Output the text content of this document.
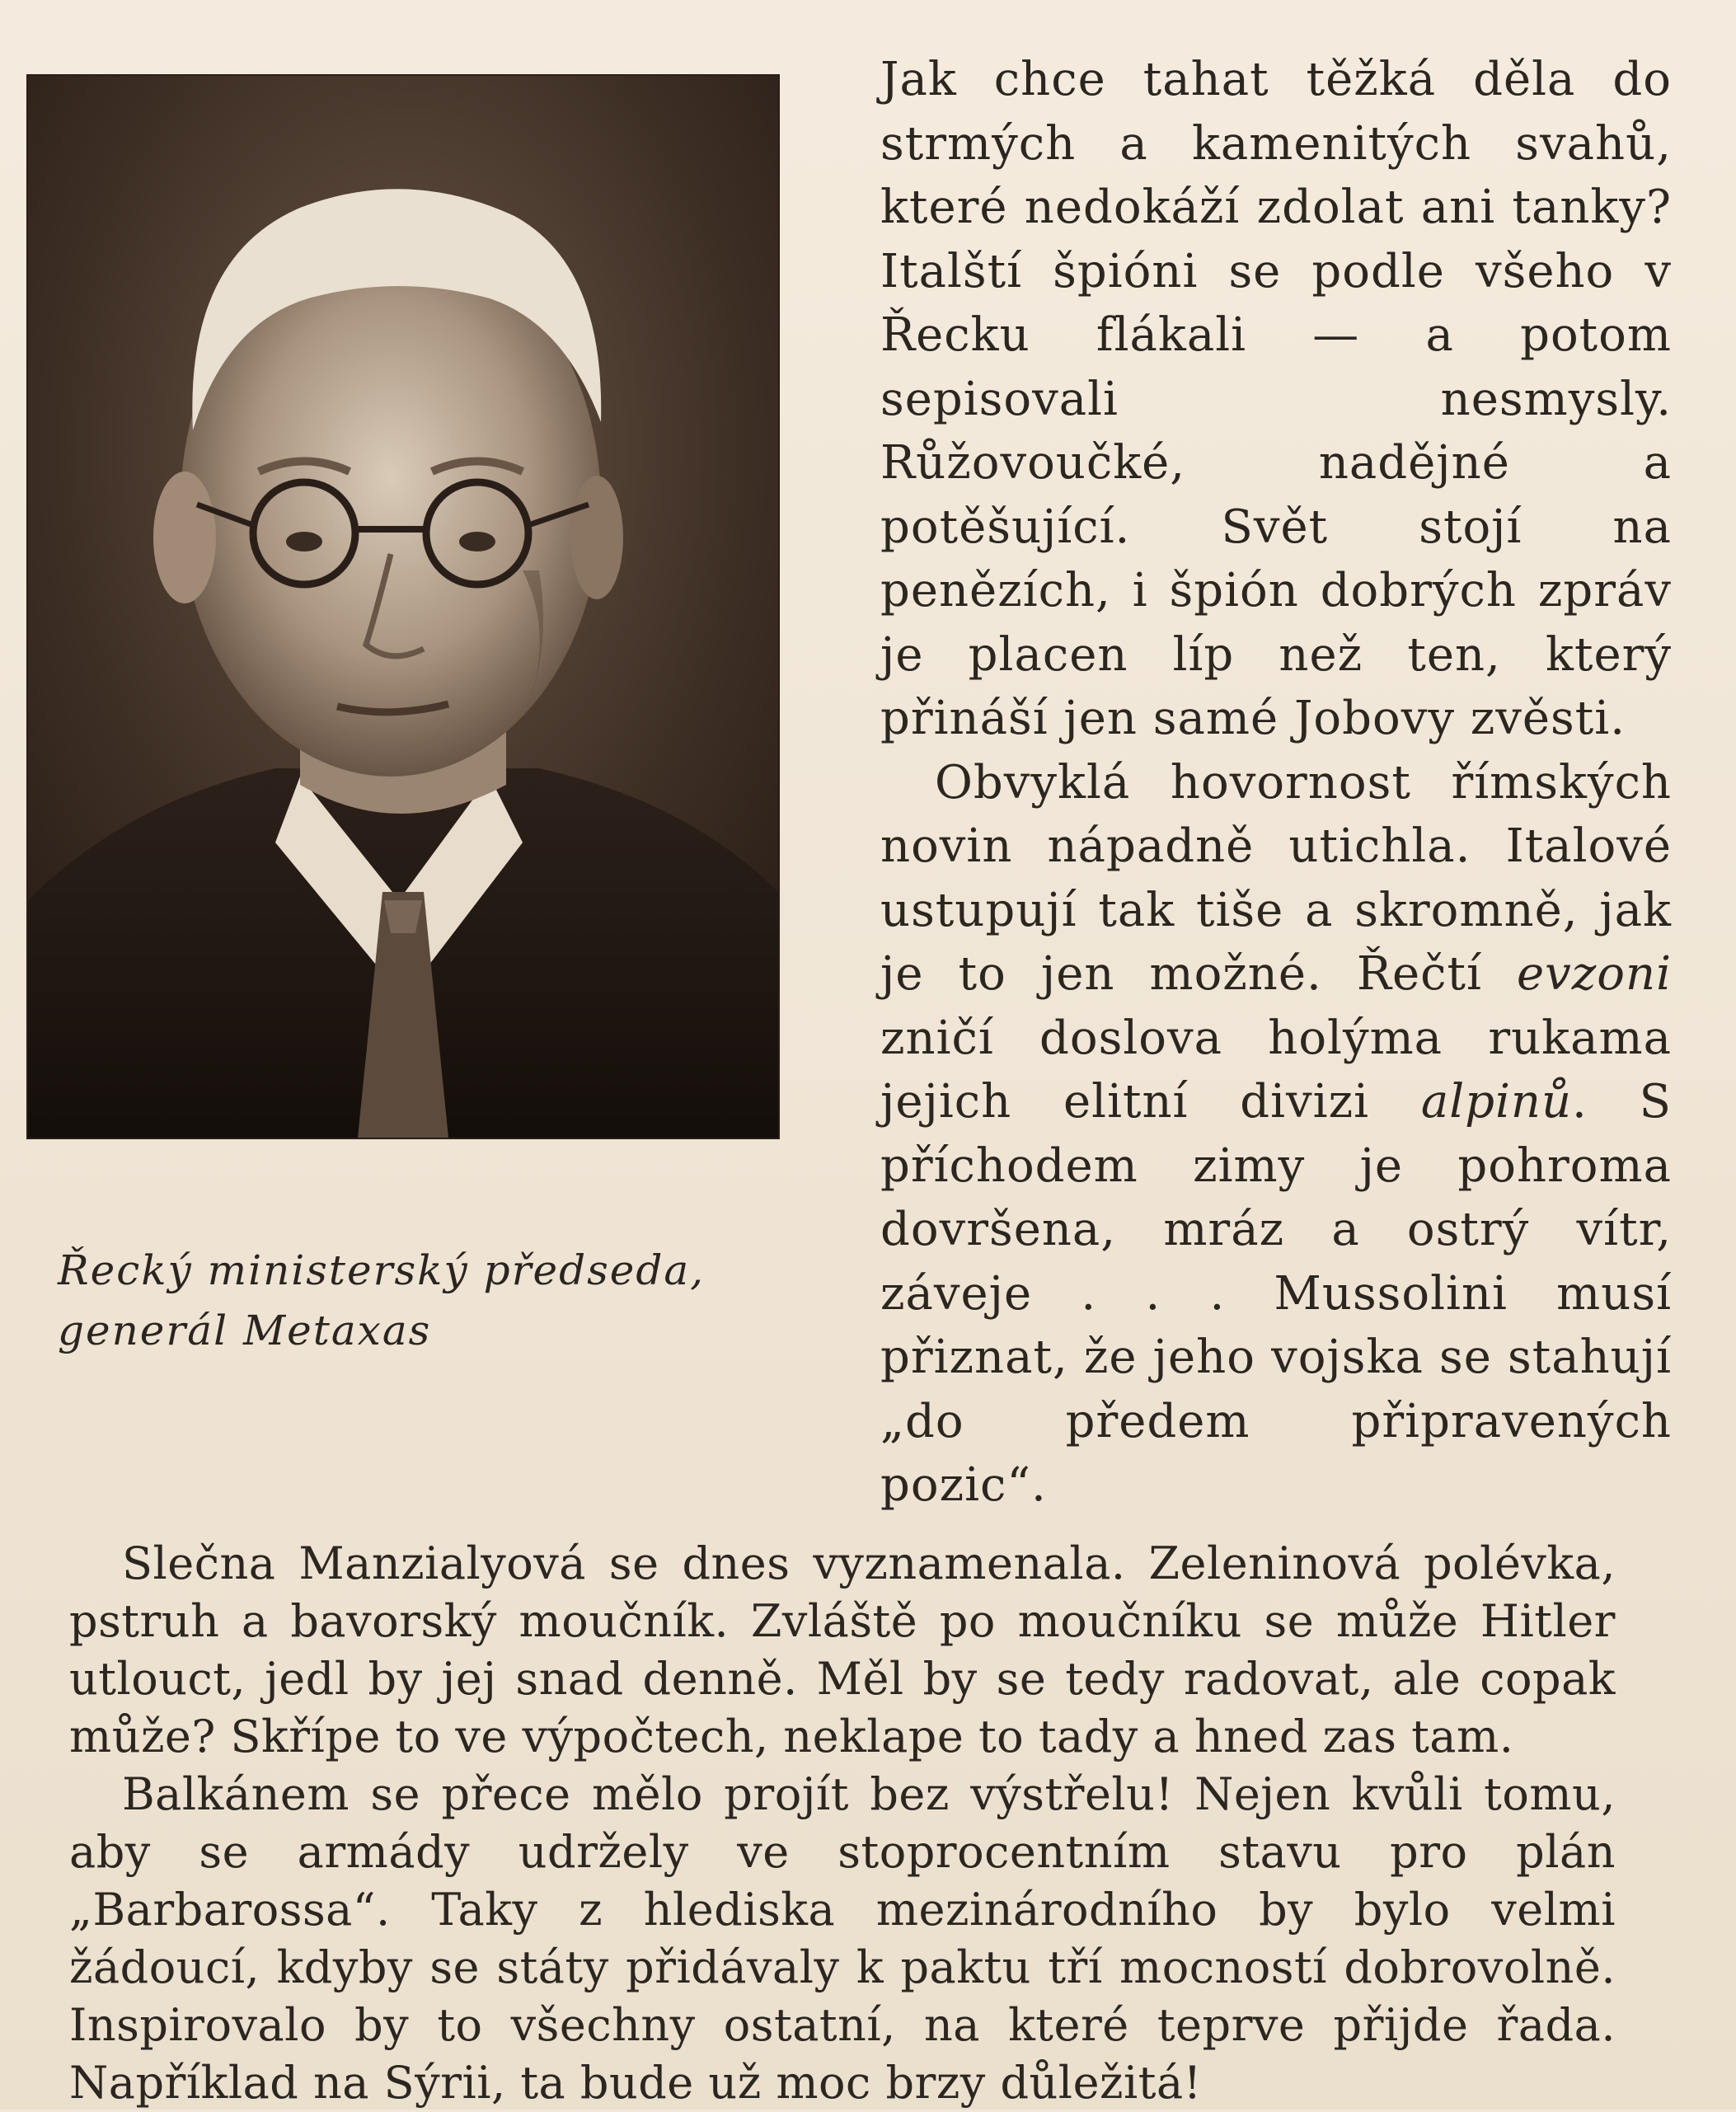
Řecký ministerský předseda, generál Metaxas

Jak chce tahat těžká děla do strmých a kamenitých svahů, které nedokáží zdolat ani tanky? Italští špióni se podle všeho v Řecku flákali — a potom sepisovali nesmysly. Růžovoučké, nadějné a potěšující. Svět stojí na penězích, i špión dobrých zpráv je placen líp než ten, který přináší jen samé Jobovy zvěsti.

Obvyklá hovornost římských novin nápadně utichla. Italové ustupují tak tiše a skromně, jak je to jen možné. Řečtí evzoni zničí doslova holýma rukama jejich elitní divizi alpinů. S příchodem zimy je pohroma dovršena, mráz a ostrý vítr, záveje . . . Mussolini musí přiznat, že jeho vojska se stahují „do předem připravených pozic“.

Slečna Manzialyová se dnes vyznamenala. Zeleninová polévka, pstruh a bavorský moučník. Zvláště po moučníku se může Hitler utlouct, jedl by jej snad denně. Měl by se tedy radovat, ale copak může? Skřípe to ve výpočtech, neklape to tady a hned zas tam.

Balkánem se přece mělo projít bez výstřelu! Nejen kvůli tomu, aby se armády udržely ve stoprocentním stavu pro plán „Barbarossa“. Taky z hlediska mezinárodního by bylo velmi žádoucí, kdyby se státy přidávaly k paktu tří mocností dobrovolně. Inspirovalo by to všechny ostatní, na které teprve přijde řada. Například na Sýrii, ta bude už moc brzy důležitá!
